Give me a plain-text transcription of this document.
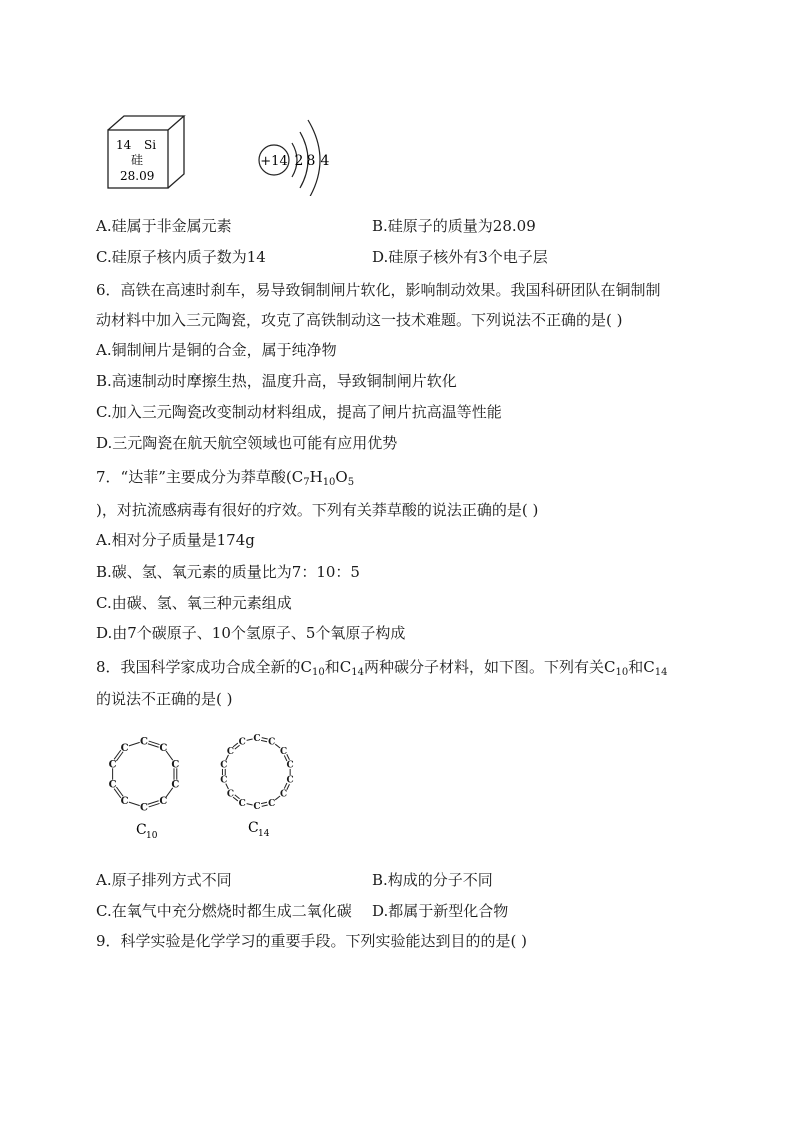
14 Si
硅
28.09
+14 2 8 4
A.硅属于非金属元素	B.硅原子的质量为28.09
C.硅原子核内质子数为14	D.硅原子核外有3个电子层
6．高铁在高速时刹车，易导致铜制闸片软化，影响制动效果。我国科研团队在铜制制
动材料中加入三元陶瓷，攻克了高铁制动这一技术难题。下列说法不正确的是( )
A.铜制闸片是铜的合金，属于纯净物
B.高速制动时摩擦生热，温度升高，导致铜制闸片软化
C.加入三元陶瓷改变制动材料组成，提高了闸片抗高温等性能
D.三元陶瓷在航天航空领域也可能有应用优势
7．“达菲”主要成分为莽草酸($C_7H_{10}O_5$
)，对抗流感病毒有很好的疗效。下列有关莽草酸的说法正确的是( )
A.相对分子质量是174g
B.碳、氢、氧元素的质量比为7：10：5
C.由碳、氢、氧三种元素组成
D.由7个碳原子、10个氢原子、5个氧原子构成
8．我国科学家成功合成全新的$C_{10}$和$C_{14}$两种碳分子材料，如下图。下列有关$C_{10}$和$C_{14}$
的说法不正确的是( )
C
C
C
C
C
C
C
C
C
C
C C
C
C
C
C
C
C
C
C
C
C
C
C
C 10	C 14
A.原子排列方式不同	B.构成的分子不同
C.在氧气中充分燃烧时都生成二氧化碳 D.都属于新型化合物
9．科学实验是化学学习的重要手段。下列实验能达到目的的是( )
